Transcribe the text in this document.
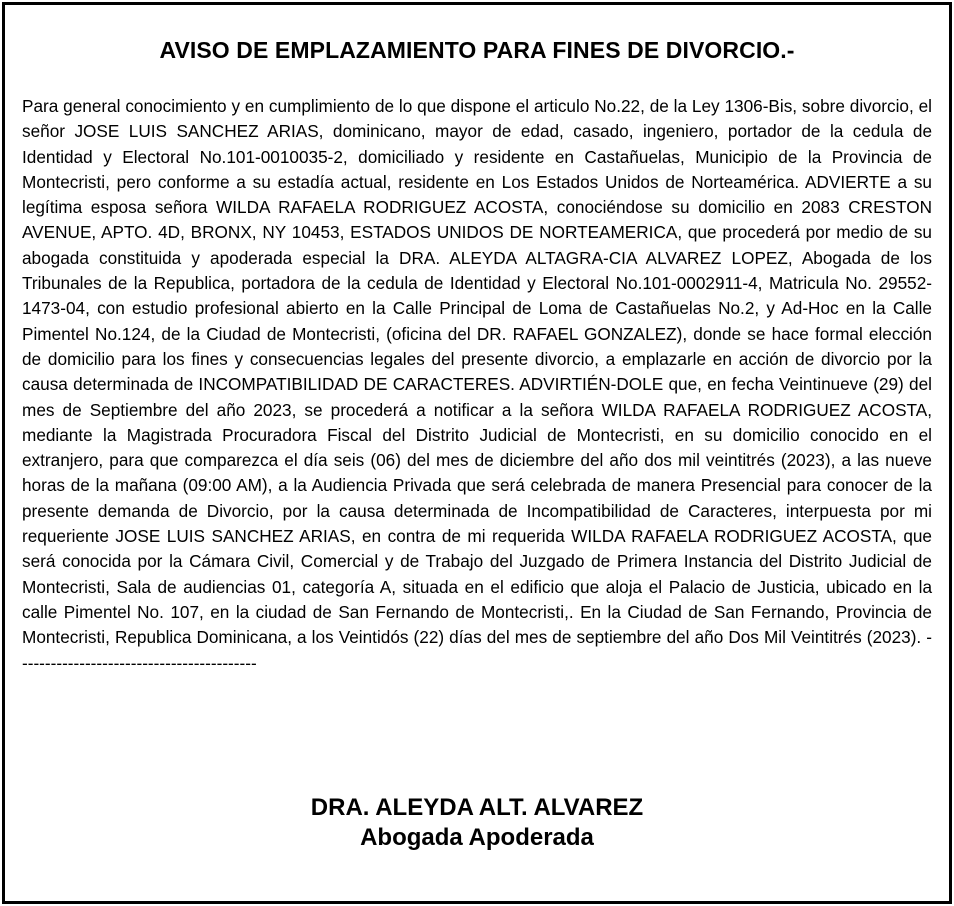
AVISO DE EMPLAZAMIENTO PARA FINES DE DIVORCIO.-
Para general conocimiento y en cumplimiento de lo que dispone el articulo No.22, de la Ley 1306-Bis, sobre divorcio, el señor JOSE LUIS SANCHEZ ARIAS, dominicano, mayor de edad, casado, ingeniero, portador de la cedula de Identidad y Electoral No.101-0010035-2, domiciliado y residente en Castañuelas, Municipio de la Provincia de Montecristi, pero conforme a su estadía actual, residente en Los Estados Unidos de Norteamérica. ADVIERTE a su legítima esposa señora WILDA RAFAELA RODRIGUEZ ACOSTA, conociéndose su domicilio en 2083 CRESTON AVENUE, APTO. 4D, BRONX, NY 10453, ESTADOS UNIDOS DE NORTEAMERICA, que procederá por medio de su abogada constituida y apoderada especial la DRA. ALEYDA ALTAGRA-CIA ALVAREZ LOPEZ, Abogada de los Tribunales de la Republica, portadora de la cedula de Identidad y Electoral No.101-0002911-4, Matricula No. 29552-1473-04, con estudio profesional abierto en la Calle Principal de Loma de Castañuelas No.2, y Ad-Hoc en la Calle Pimentel No.124, de la Ciudad de Montecristi, (oficina del DR. RAFAEL GONZALEZ), donde se hace formal elección de domicilio para los fines y consecuencias legales del presente divorcio, a emplazarle en acción de divorcio por la causa determinada de INCOMPATIBILIDAD DE CARACTERES. ADVIRTIÉN-DOLE que, en fecha Veintinueve (29) del mes de Septiembre del año 2023, se procederá a notificar a la señora WILDA RAFAELA RODRIGUEZ ACOSTA, mediante la Magistrada Procuradora Fiscal del Distrito Judicial de Montecristi, en su domicilio conocido en el extranjero, para que comparezca el día seis (06) del mes de diciembre del año dos mil veintitrés (2023), a las nueve horas de la mañana (09:00 AM), a la Audiencia Privada que será celebrada de manera Presencial para conocer de la presente demanda de Divorcio, por la causa determinada de Incompatibilidad de Caracteres, interpuesta por mi requeriente JOSE LUIS SANCHEZ ARIAS, en contra de mi requerida WILDA RAFAELA RODRIGUEZ ACOSTA, que será conocida por la Cámara Civil, Comercial y de Trabajo del Juzgado de Primera Instancia del Distrito Judicial de Montecristi, Sala de audiencias 01, categoría A, situada en el edificio que aloja el Palacio de Justicia, ubicado en la calle Pimentel No. 107, en la ciudad de San Fernando de Montecristi,. En la Ciudad de San Fernando, Provincia de Montecristi, Republica Dominicana, a los Veintidós (22) días del mes de septiembre del año Dos Mil Veintitrés (2023). ------------------------------------------
DRA. ALEYDA ALT. ALVAREZ
Abogada Apoderada
